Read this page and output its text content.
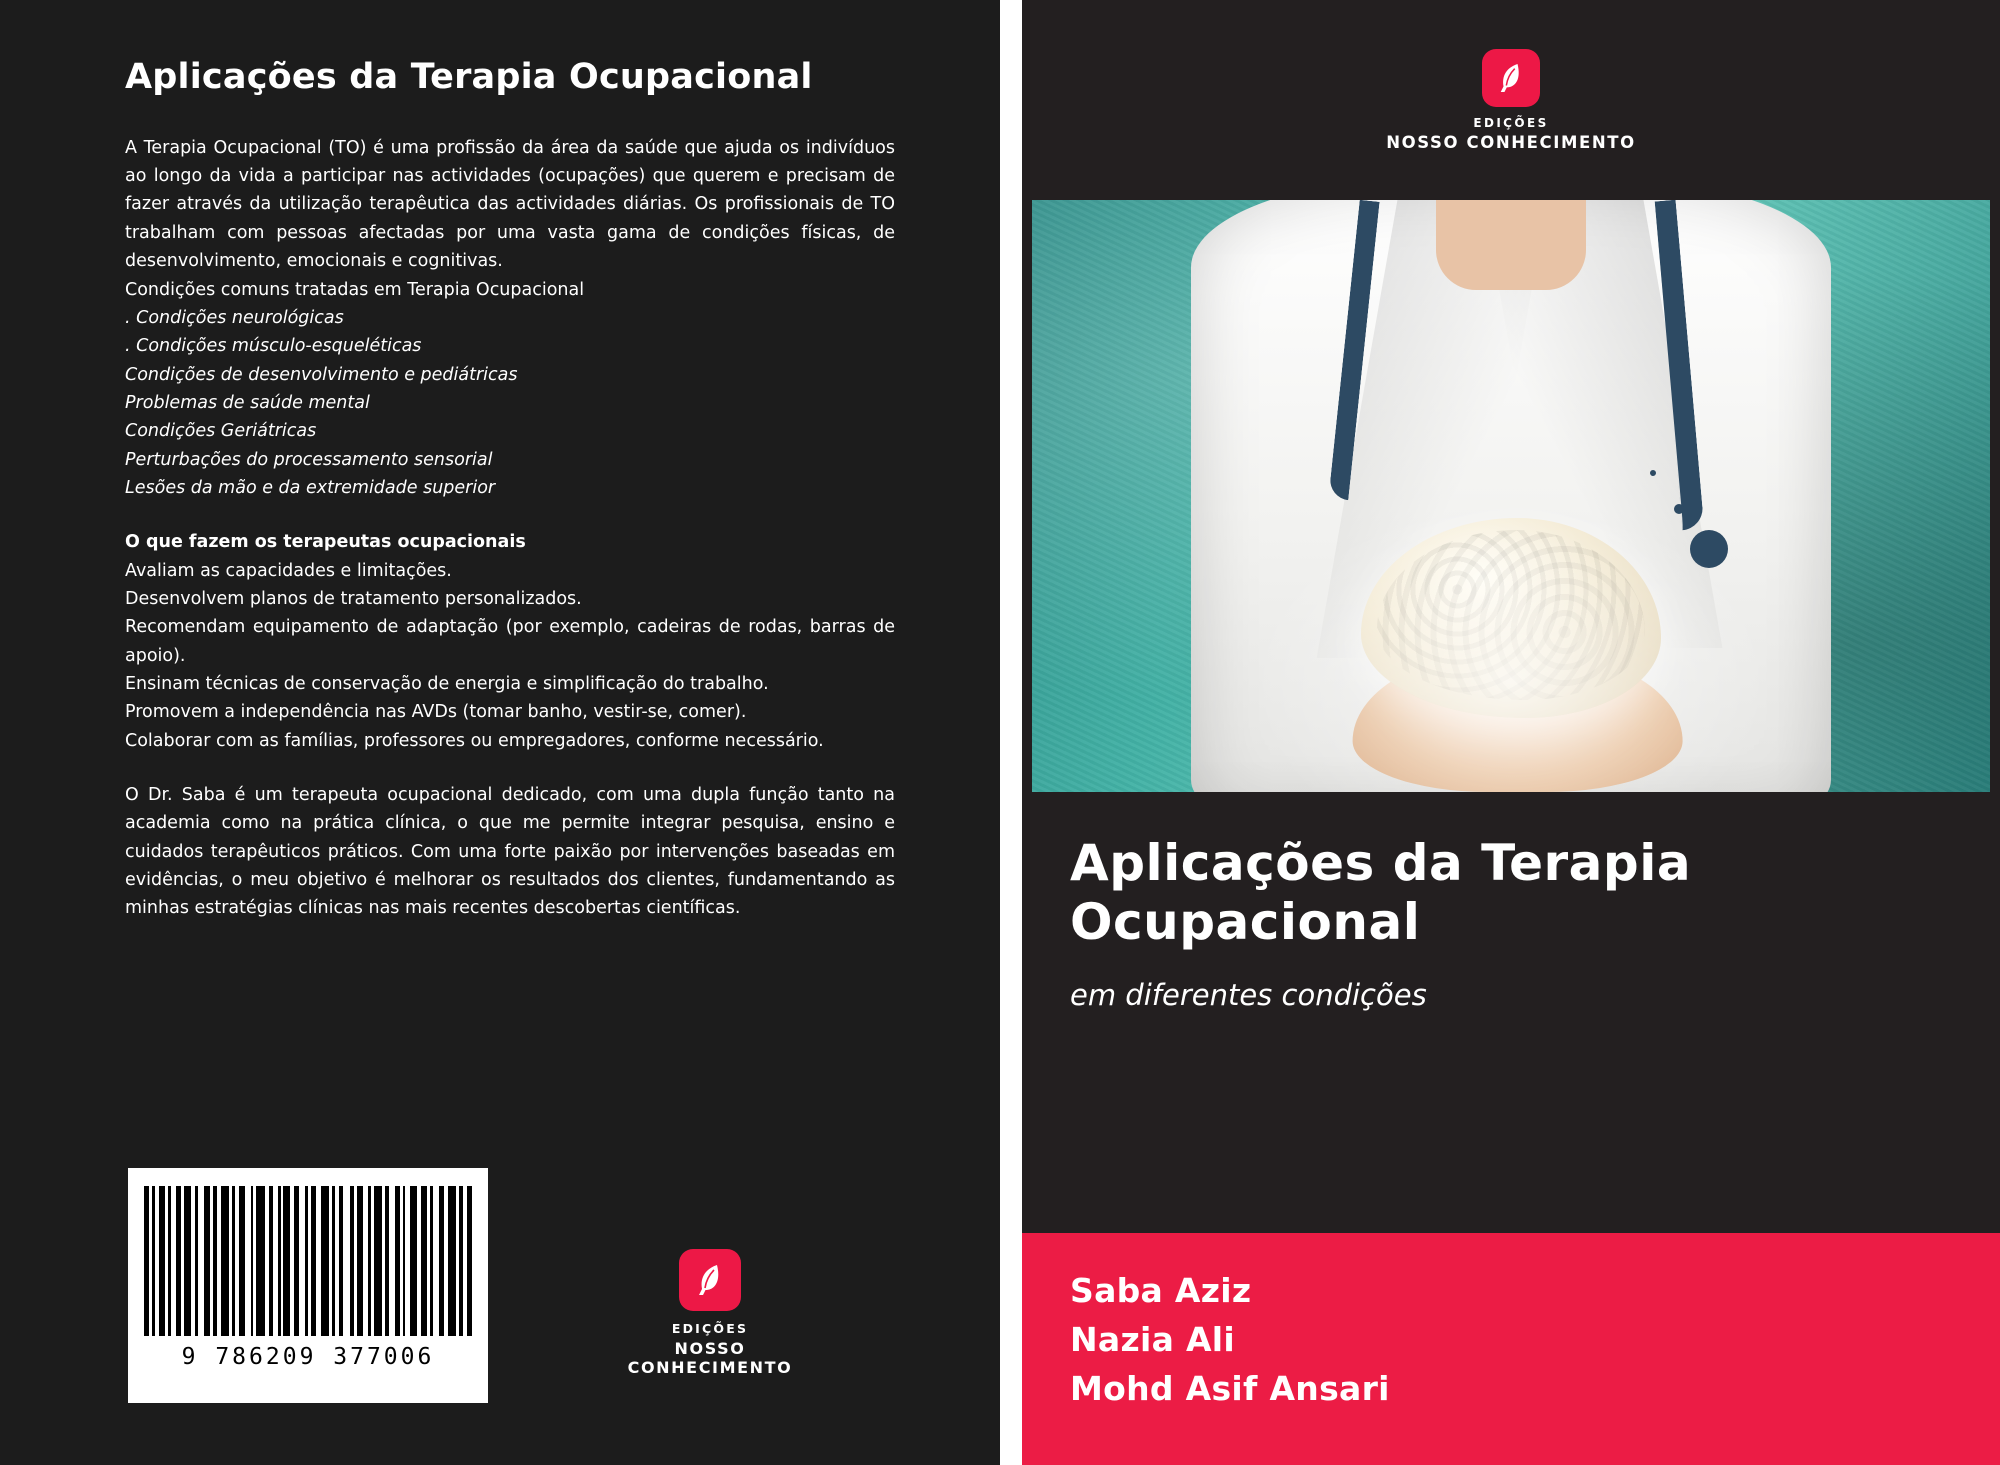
Aplicações da Terapia Ocupacional

A Terapia Ocupacional (TO) é uma profissão da área da saúde que ajuda os indivíduos ao longo da vida a participar nas actividades (ocupações) que querem e precisam de fazer através da utilização terapêutica das actividades diárias. Os profissionais de TO trabalham com pessoas afectadas por uma vasta gama de condições físicas, de desenvolvimento, emocionais e cognitivas.

Condições comuns tratadas em Terapia Ocupacional

. Condições neurológicas

. Condições músculo-esqueléticas

Condições de desenvolvimento e pediátricas

Problemas de saúde mental

Condições Geriátricas

Perturbações do processamento sensorial

Lesões da mão e da extremidade superior

O que fazem os terapeutas ocupacionais

Avaliam as capacidades e limitações.

Desenvolvem planos de tratamento personalizados.

Recomendam equipamento de adaptação (por exemplo, cadeiras de rodas, barras de apoio).

Ensinam técnicas de conservação de energia e simplificação do trabalho.

Promovem a independência nas AVDs (tomar banho, vestir-se, comer).

Colaborar com as famílias, professores ou empregadores, conforme necessário.

O Dr. Saba é um terapeuta ocupacional dedicado, com uma dupla função tanto na academia como na prática clínica, o que me permite integrar pesquisa, ensino e cuidados terapêuticos práticos. Com uma forte paixão por intervenções baseadas em evidências, o meu objetivo é melhorar os resultados dos clientes, fundamentando as minhas estratégias clínicas nas mais recentes descobertas científicas.

9 786209 377006
EDIÇÕES
NOSSO CONHECIMENTO
EDIÇÕES
NOSSO CONHECIMENTO
Aplicações da Terapia Ocupacional
em diferentes condições
Saba Aziz
Nazia Ali
Mohd Asif Ansari
